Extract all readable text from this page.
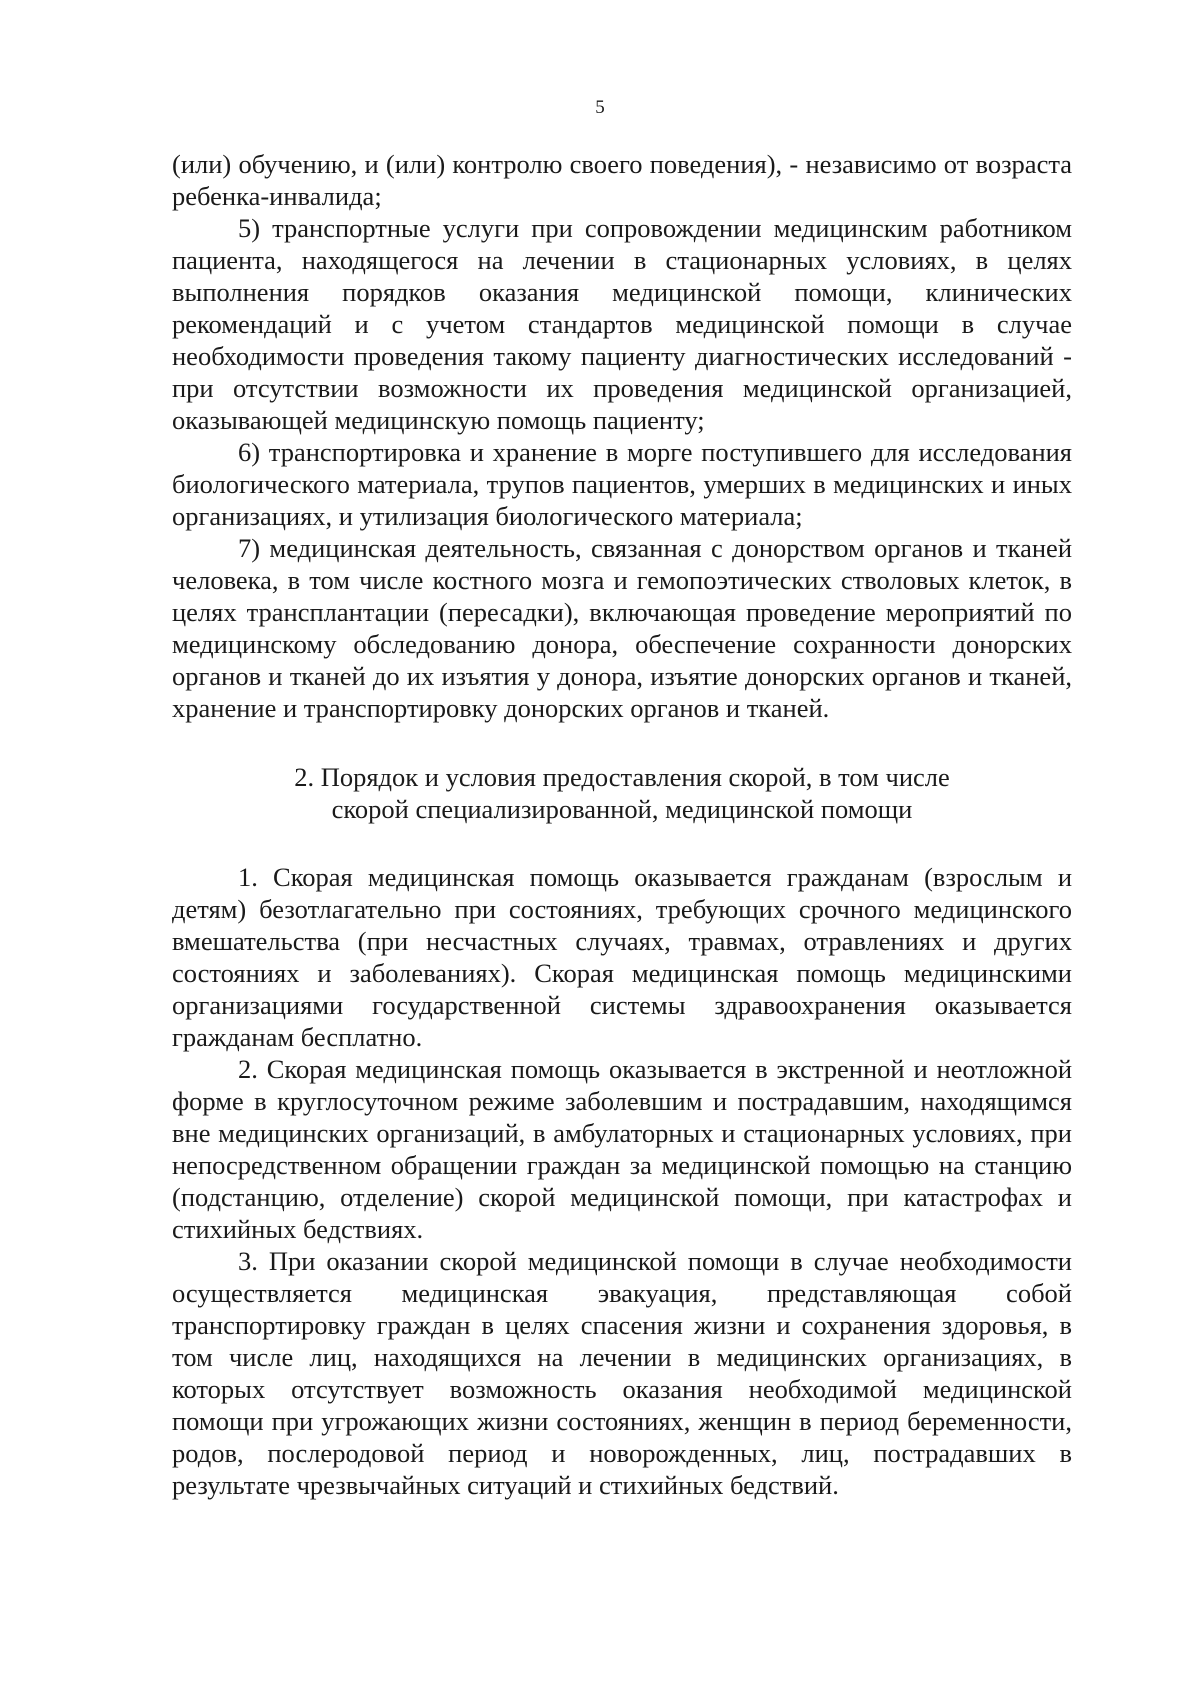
5

(или) обучению, и (или) контролю своего поведения), - независимо от возраста ребенка-инвалида;

5) транспортные услуги при сопровождении медицинским работником пациента, находящегося на лечении в стационарных условиях, в целях выполнения порядков оказания медицинской помощи, клинических рекомендаций и с учетом стандартов медицинской помощи в случае необходимости проведения такому пациенту диагностических исследований - при отсутствии возможности их проведения медицинской организацией, оказывающей медицинскую помощь пациенту;

6) транспортировка и хранение в морге поступившего для исследования биологического материала, трупов пациентов, умерших в медицинских и иных организациях, и утилизация биологического материала;

7) медицинская деятельность, связанная с донорством органов и тканей человека, в том числе костного мозга и гемопоэтических стволовых клеток, в целях трансплантации (пересадки), включающая проведение мероприятий по медицинскому обследованию донора, обеспечение сохранности донорских органов и тканей до их изъятия у донора, изъятие донорских органов и тканей, хранение и транспортировку донорских органов и тканей.

2. Порядок и условия предоставления скорой, в том числе
скорой специализированной, медицинской помощи

1. Скорая медицинская помощь оказывается гражданам (взрослым и детям) безотлагательно при состояниях, требующих срочного медицинского вмешательства (при несчастных случаях, травмах, отравлениях и других состояниях и заболеваниях). Скорая медицинская помощь медицинскими организациями государственной системы здравоохранения оказывается гражданам бесплатно.

2. Скорая медицинская помощь оказывается в экстренной и неотложной форме в круглосуточном режиме заболевшим и пострадавшим, находящимся вне медицинских организаций, в амбулаторных и стационарных условиях, при непосредственном обращении граждан за медицинской помощью на станцию (подстанцию, отделение) скорой медицинской помощи, при катастрофах и стихийных бедствиях.

3. При оказании скорой медицинской помощи в случае необходимости осуществляется медицинская эвакуация, представляющая собой транспортировку граждан в целях спасения жизни и сохранения здоровья, в том числе лиц, находящихся на лечении в медицинских организациях, в которых отсутствует возможность оказания необходимой медицинской помощи при угрожающих жизни состояниях, женщин в период беременности, родов, послеродовой период и новорожденных, лиц, пострадавших в результате чрезвычайных ситуаций и стихийных бедствий.
